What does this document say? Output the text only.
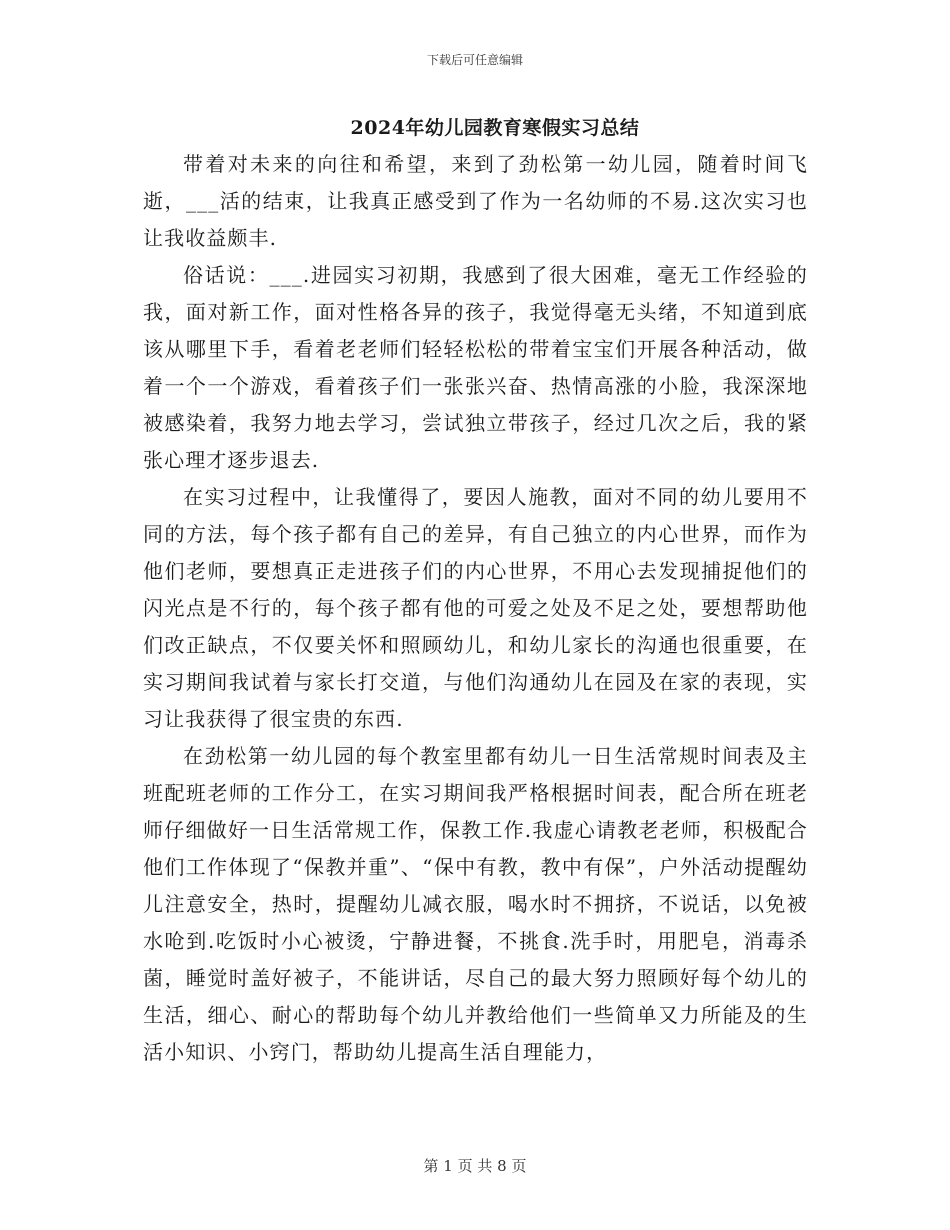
下载后可任意编辑
2024年幼儿园教育寒假实习总结

带着对未来的向往和希望，来到了劲松第一幼儿园，随着时间飞逝，___活的结束，让我真正感受到了作为一名幼师的不易.这次实习也让我收益颇丰.

俗话说：___.进园实习初期，我感到了很大困难，毫无工作经验的我，面对新工作，面对性格各异的孩子，我觉得毫无头绪，不知道到底该从哪里下手，看着老老师们轻轻松松的带着宝宝们开展各种活动，做着一个一个游戏，看着孩子们一张张兴奋、热情高涨的小脸，我深深地被感染着，我努力地去学习，尝试独立带孩子，经过几次之后，我的紧张心理才逐步退去.

在实习过程中，让我懂得了，要因人施教，面对不同的幼儿要用不同的方法，每个孩子都有自己的差异，有自己独立的内心世界，而作为他们老师，要想真正走进孩子们的内心世界，不用心去发现捕捉他们的闪光点是不行的，每个孩子都有他的可爱之处及不足之处，要想帮助他们改正缺点，不仅要关怀和照顾幼儿，和幼儿家长的沟通也很重要，在实习期间我试着与家长打交道，与他们沟通幼儿在园及在家的表现，实习让我获得了很宝贵的东西.

在劲松第一幼儿园的每个教室里都有幼儿一日生活常规时间表及主班配班老师的工作分工，在实习期间我严格根据时间表，配合所在班老师仔细做好一日生活常规工作，保教工作.我虚心请教老老师，积极配合他们工作体现了“保教并重”、“保中有教，教中有保”，户外活动提醒幼儿注意安全，热时，提醒幼儿减衣服，喝水时不拥挤，不说话，以免被水呛到.吃饭时小心被烫，宁静进餐，不挑食.洗手时，用肥皂，消毒杀菌，睡觉时盖好被子，不能讲话，尽自己的最大努力照顾好每个幼儿的生活，细心、耐心的帮助每个幼儿并教给他们一些简单又力所能及的生活小知识、小窍门，帮助幼儿提高生活自理能力，

第 1 页 共 8 页
